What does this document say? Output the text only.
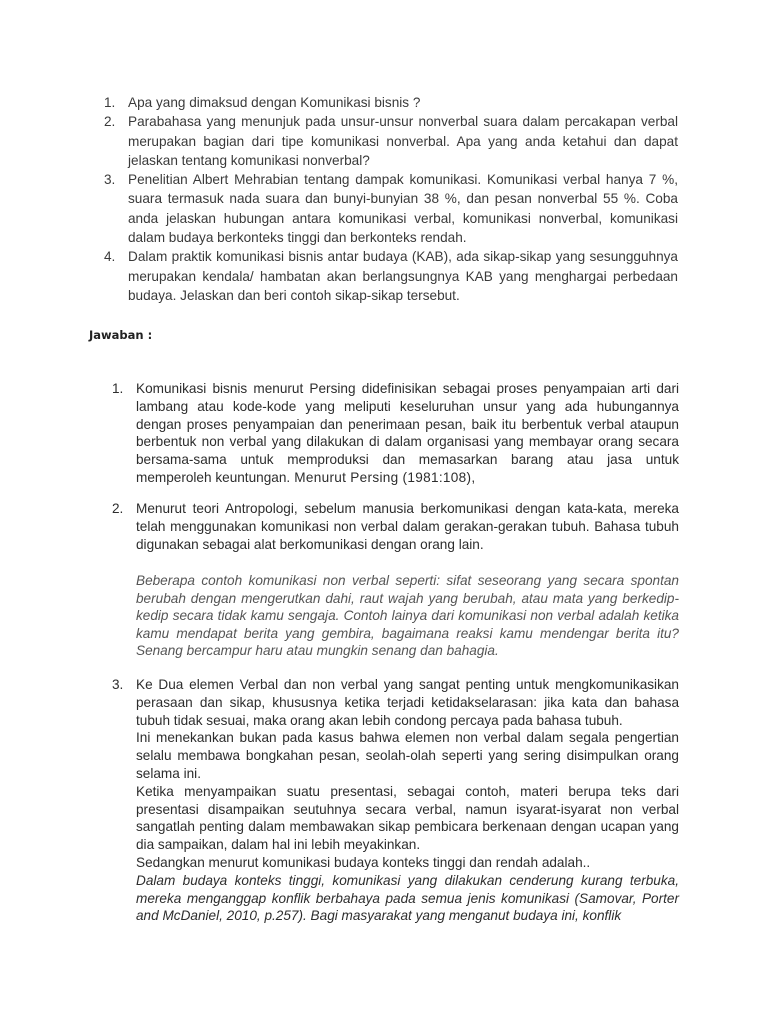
1. Apa yang dimaksud dengan Komunikasi bisnis ?
2. Parabahasa yang menunjuk pada unsur-unsur nonverbal suara dalam percakapan verbal merupakan bagian dari tipe komunikasi nonverbal. Apa yang anda ketahui dan dapat jelaskan tentang komunikasi nonverbal?
3. Penelitian Albert Mehrabian tentang dampak komunikasi. Komunikasi verbal hanya 7 %, suara termasuk nada suara dan bunyi-bunyian 38 %, dan pesan nonverbal 55 %. Coba anda jelaskan hubungan antara komunikasi verbal, komunikasi nonverbal, komunikasi dalam budaya berkonteks tinggi dan berkonteks rendah.
4. Dalam praktik komunikasi bisnis antar budaya (KAB), ada sikap-sikap yang sesungguhnya merupakan kendala/ hambatan akan berlangsungnya KAB yang menghargai perbedaan budaya. Jelaskan dan beri contoh sikap-sikap tersebut.
Jawaban :
1. Komunikasi bisnis menurut Persing didefinisikan sebagai proses penyampaian arti dari lambang atau kode-kode yang meliputi keseluruhan unsur yang ada hubungannya dengan proses penyampaian dan penerimaan pesan, baik itu berbentuk verbal ataupun berbentuk non verbal yang dilakukan di dalam organisasi yang membayar orang secara bersama-sama untuk memproduksi dan memasarkan barang atau jasa untuk memperoleh keuntungan. Menurut Persing (1981:108),

2. Menurut teori Antropologi, sebelum manusia berkomunikasi dengan kata-kata, mereka telah menggunakan komunikasi non verbal dalam gerakan-gerakan tubuh. Bahasa tubuh digunakan sebagai alat berkomunikasi dengan orang lain.

Beberapa contoh komunikasi non verbal seperti: sifat seseorang yang secara spontan berubah dengan mengerutkan dahi, raut wajah yang berubah, atau mata yang berkedip-kedip secara tidak kamu sengaja. Contoh lainya dari komunikasi non verbal adalah ketika kamu mendapat berita yang gembira, bagaimana reaksi kamu mendengar berita itu? Senang bercampur haru atau mungkin senang dan bahagia.

3. Ke Dua elemen Verbal dan non verbal yang sangat penting untuk mengkomunikasikan perasaan dan sikap, khususnya ketika terjadi ketidakselarasan: jika kata dan bahasa tubuh tidak sesuai, maka orang akan lebih condong percaya pada bahasa tubuh.

Ini menekankan bukan pada kasus bahwa elemen non verbal dalam segala pengertian selalu membawa bongkahan pesan, seolah-olah seperti yang sering disimpulkan orang selama ini.

Ketika menyampaikan suatu presentasi, sebagai contoh, materi berupa teks dari presentasi disampaikan seutuhnya secara verbal, namun isyarat-isyarat non verbal sangatlah penting dalam membawakan sikap pembicara berkenaan dengan ucapan yang dia sampaikan, dalam hal ini lebih meyakinkan.

Sedangkan menurut komunikasi budaya konteks tinggi dan rendah adalah..

Dalam budaya konteks tinggi, komunikasi yang dilakukan cenderung kurang terbuka, mereka menganggap konflik berbahaya pada semua jenis komunikasi (Samovar, Porter and McDaniel, 2010, p.257). Bagi masyarakat yang menganut budaya ini, konflik
